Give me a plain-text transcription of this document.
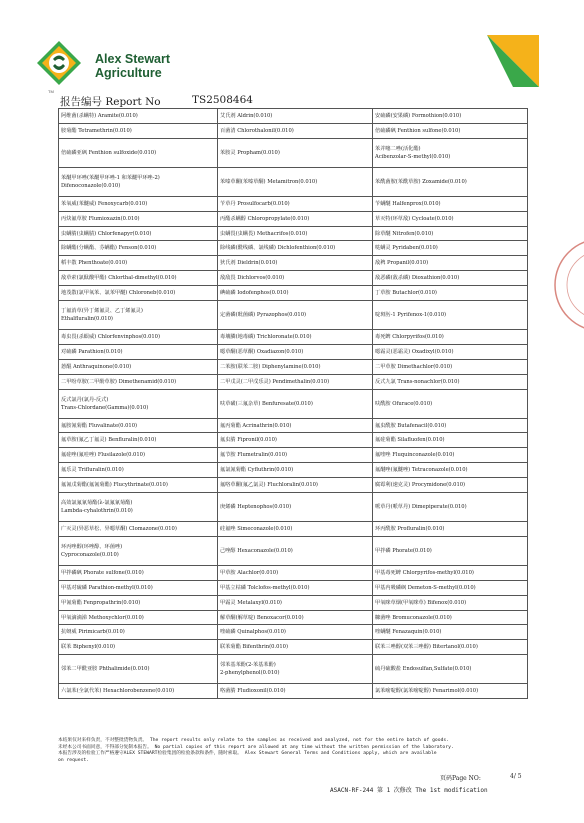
Alex Stewart
Agriculture
TM
报告编号 Report No	TS2508464
阿维菌(杀螨特) Aramite(0.010)	艾氏剂 Aldrin(0.010)	安硫磷(安果磷) Formothion(0.010)

胺菊酯 Tetramethrin(0.010)	百菌清 Chlorothalonil(0.010)	倍硫磷砜 Fenthion sulfone(0.010)

倍硫磷亚砜 Fenthion sulfoxide(0.010)	苯胺灵 Propham(0.010)	苯并噻二唑(活化酯)
Acibenzolar-S-methyl(0.010)

苯醚甲环唑(苯醚甲环唑-1 和苯醚甲环唑-2)
Difenoconazole(0.010)	苯嗪草酮(苯嗪草酮) Metamitron(0.010)	苯酰菌胺(苯酰草胺) Zoxamide(0.010)

苯氧威(苯醚威) Fenoxycarb(0.010)	苄草丹 Prosulfocarb(0.010)	苄螨醚 Halfenprox(0.010)

丙炔氟草胺 Flumioxazin(0.010)	丙酯杀螨醇 Chloropropylate(0.010)	草灭特(环草敌) Cycloate(0.010)

虫螨腈(虫螨腈) Chlorfenapyr(0.010)	虫螨畏(虫螨畏) Methacrifos(0.010)	除草醚 Nitrofen(0.010)

除螨酯(分螨酯、芬螨酯) Fenson(0.010)	除线磷(酰线磷、氯线磷) Dichlofenthion(0.010)	哒螨灵 Pyridaben(0.010)

稻丰散 Phenthoate(0.010)	狄氏剂 Dieldrin(0.010)	敌稗 Propanil(0.010)

敌草索(氯酞酸甲酯) Chlorthal-dimethyl(0.010)	敌敌畏 Dichlorvos(0.010)	敌恶磷(敌杀磷) Dioxathion(0.010)

地茂散(氯甲氧苯、氯苯甲醚) Chloroneb(0.010)	碘硫磷 Iodofenphos(0.010)	丁草胺 Butachlor(0.010)

丁氟消草(异丁烯氟灵、乙丁烯氟灵)
Ethalfluralin(0.010)	定菌磷(吡菌磷) Pyrazophos(0.010)	啶斑肟-1 Pyrifenox-1(0.010)

毒虫畏(杀螟威) Chlorfenvinphos(0.010)	毒壤膦(地毒磷) Trichloronate(0.010)	毒死蜱 Chlorpyrifos(0.010)

对硫磷 Parathion(0.010)	噁草酮(恶草酮) Oxadiazon(0.010)	噁霜灵(恶霜灵) Oxadixyl(0.010)

蒽醌 Anthraquinone(0.010)	二苯胺(联苯二胺) Diphenylamine(0.010)	二甲草胺 Dimethachlor(0.010)

二甲吩草胺(二甲酚草胺) Dimethenamid(0.010)	二甲戊灵(二甲戊乐灵) Pendimethalin(0.010)	反式九氯 Trans-nonachlor(0.010)

反式氯丹(氯丹-反式)
Trans-Chlordane(Gamma)(0.010)	呋草磺(三氟杂草) Benfuresate(0.010)	呋酰胺 Ofurace(0.010)

氟胺氰菊酯 Fluvalinate(0.010)	氟丙菊酯 Acrinathrin(0.010)	氟虫酰胺 Butafenacil(0.010)

氟草胺(氟乙丁氟灵) Benfluralin(0.010)	氟虫腈 Fipronil(0.010)	氟硅菊酯 Silafluofen(0.010)

氟硅唑(氟哇唑) Flusilazole(0.010)	氟节胺 Flumetralin(0.010)	氟喹唑 Fluquinconazole(0.010)

氟乐灵 Trifluralin(0.010)	氟氯氰菊酯 Cyfluthrin(0.010)	氟醚唑(氟醚唑) Tetraconazole(0.010)

氟氰戊菊酯(氟氰菊酯) Flucythrinate(0.010)	氟咯草酮(氟乙氯灵) Fluchloralin(0.010)	腐霉利(速克灵) Procymidone(0.010)

高效氯氟氰菊酯(λ-氯氟氰菊酯)
Lambda-cyhalothrin(0.010)	庚烯磷 Heptenophos(0.010)	哌草丹(哌草丹) Dimepiperate(0.010)

广灭灵(异恶草松、异噁草酮) Clomazone(0.010)	硅氟唑 Simeconazole(0.010)	环丙酰胺 Profluralin(0.010)

环丙唑醇(环唑醇、环菌唑)
Cyproconazole(0.010)	己唑醇 Hexaconazole(0.010)	甲拌磷 Phorate(0.010)

甲拌磷砜 Phorate sulfone(0.010)	甲草胺 Alachlor(0.010)	甲基毒死蜱 Chlorpyrifos-methyl(0.010)

甲基对硫磷 Parathion-methyl(0.010)	甲基立枯磷 Tolclofos-methyl(0.010)	甲基内吸磷砜 Demeton-S-methyl(0.010)

甲氰菊酯 Fenpropathrin(0.010)	甲霜灵 Metalaxyl(0.010)	甲氧咪草烟(甲氧咪草) Bifenox(0.010)

甲氧滴滴涕 Methoxychlor(0.010)	解草酮(解草啶) Benoxacor(0.010)	糠菌唑 Bromuconazole(0.010)

抗蚜威 Pirimicarb(0.010)	喹硫磷 Quinalphos(0.010)	喹螨醚 Fenazaquin(0.010)

联苯 Biphenyl(0.010)	联苯菊酯 Bifenthrin(0.010)	联苯三唑醇(双苯三唑醇) Bitertanol(0.010)

邻苯二甲酰亚胺 Phthalimide(0.010)	邻苯基苯酚(2-苯基苯酚)
2-phenylphenol(0.010)	硫丹硫酸盐 Endosulfan,Sulfate(0.010)

六氯苯(全氯代苯) Hexachlorobenzene(0.010)	咯菌腈 Fludioxonil(0.010)	氯苯嘧啶醇(氯苯嘧啶醇) Fenarimol(0.010)
本结果仅对来样负责，不对整批货物负责。 The report results only relate to the samples as received and analyzed, not for the entire batch of goods.
未经本公司书面同意，不得部分复制本报告。 No partial copies of this report are allowed at any time without the written permission of the laboratory.
本报告涉及的检验工作严格遵守ALEX STEWART检验集团的检验条款和条件，随时索取。 Alex Stewart General Terms and Conditions apply, which are available
on request.
页码Page NO:	4/ 5
ASACN-RF-244 第 1 次修改 The 1st modification
